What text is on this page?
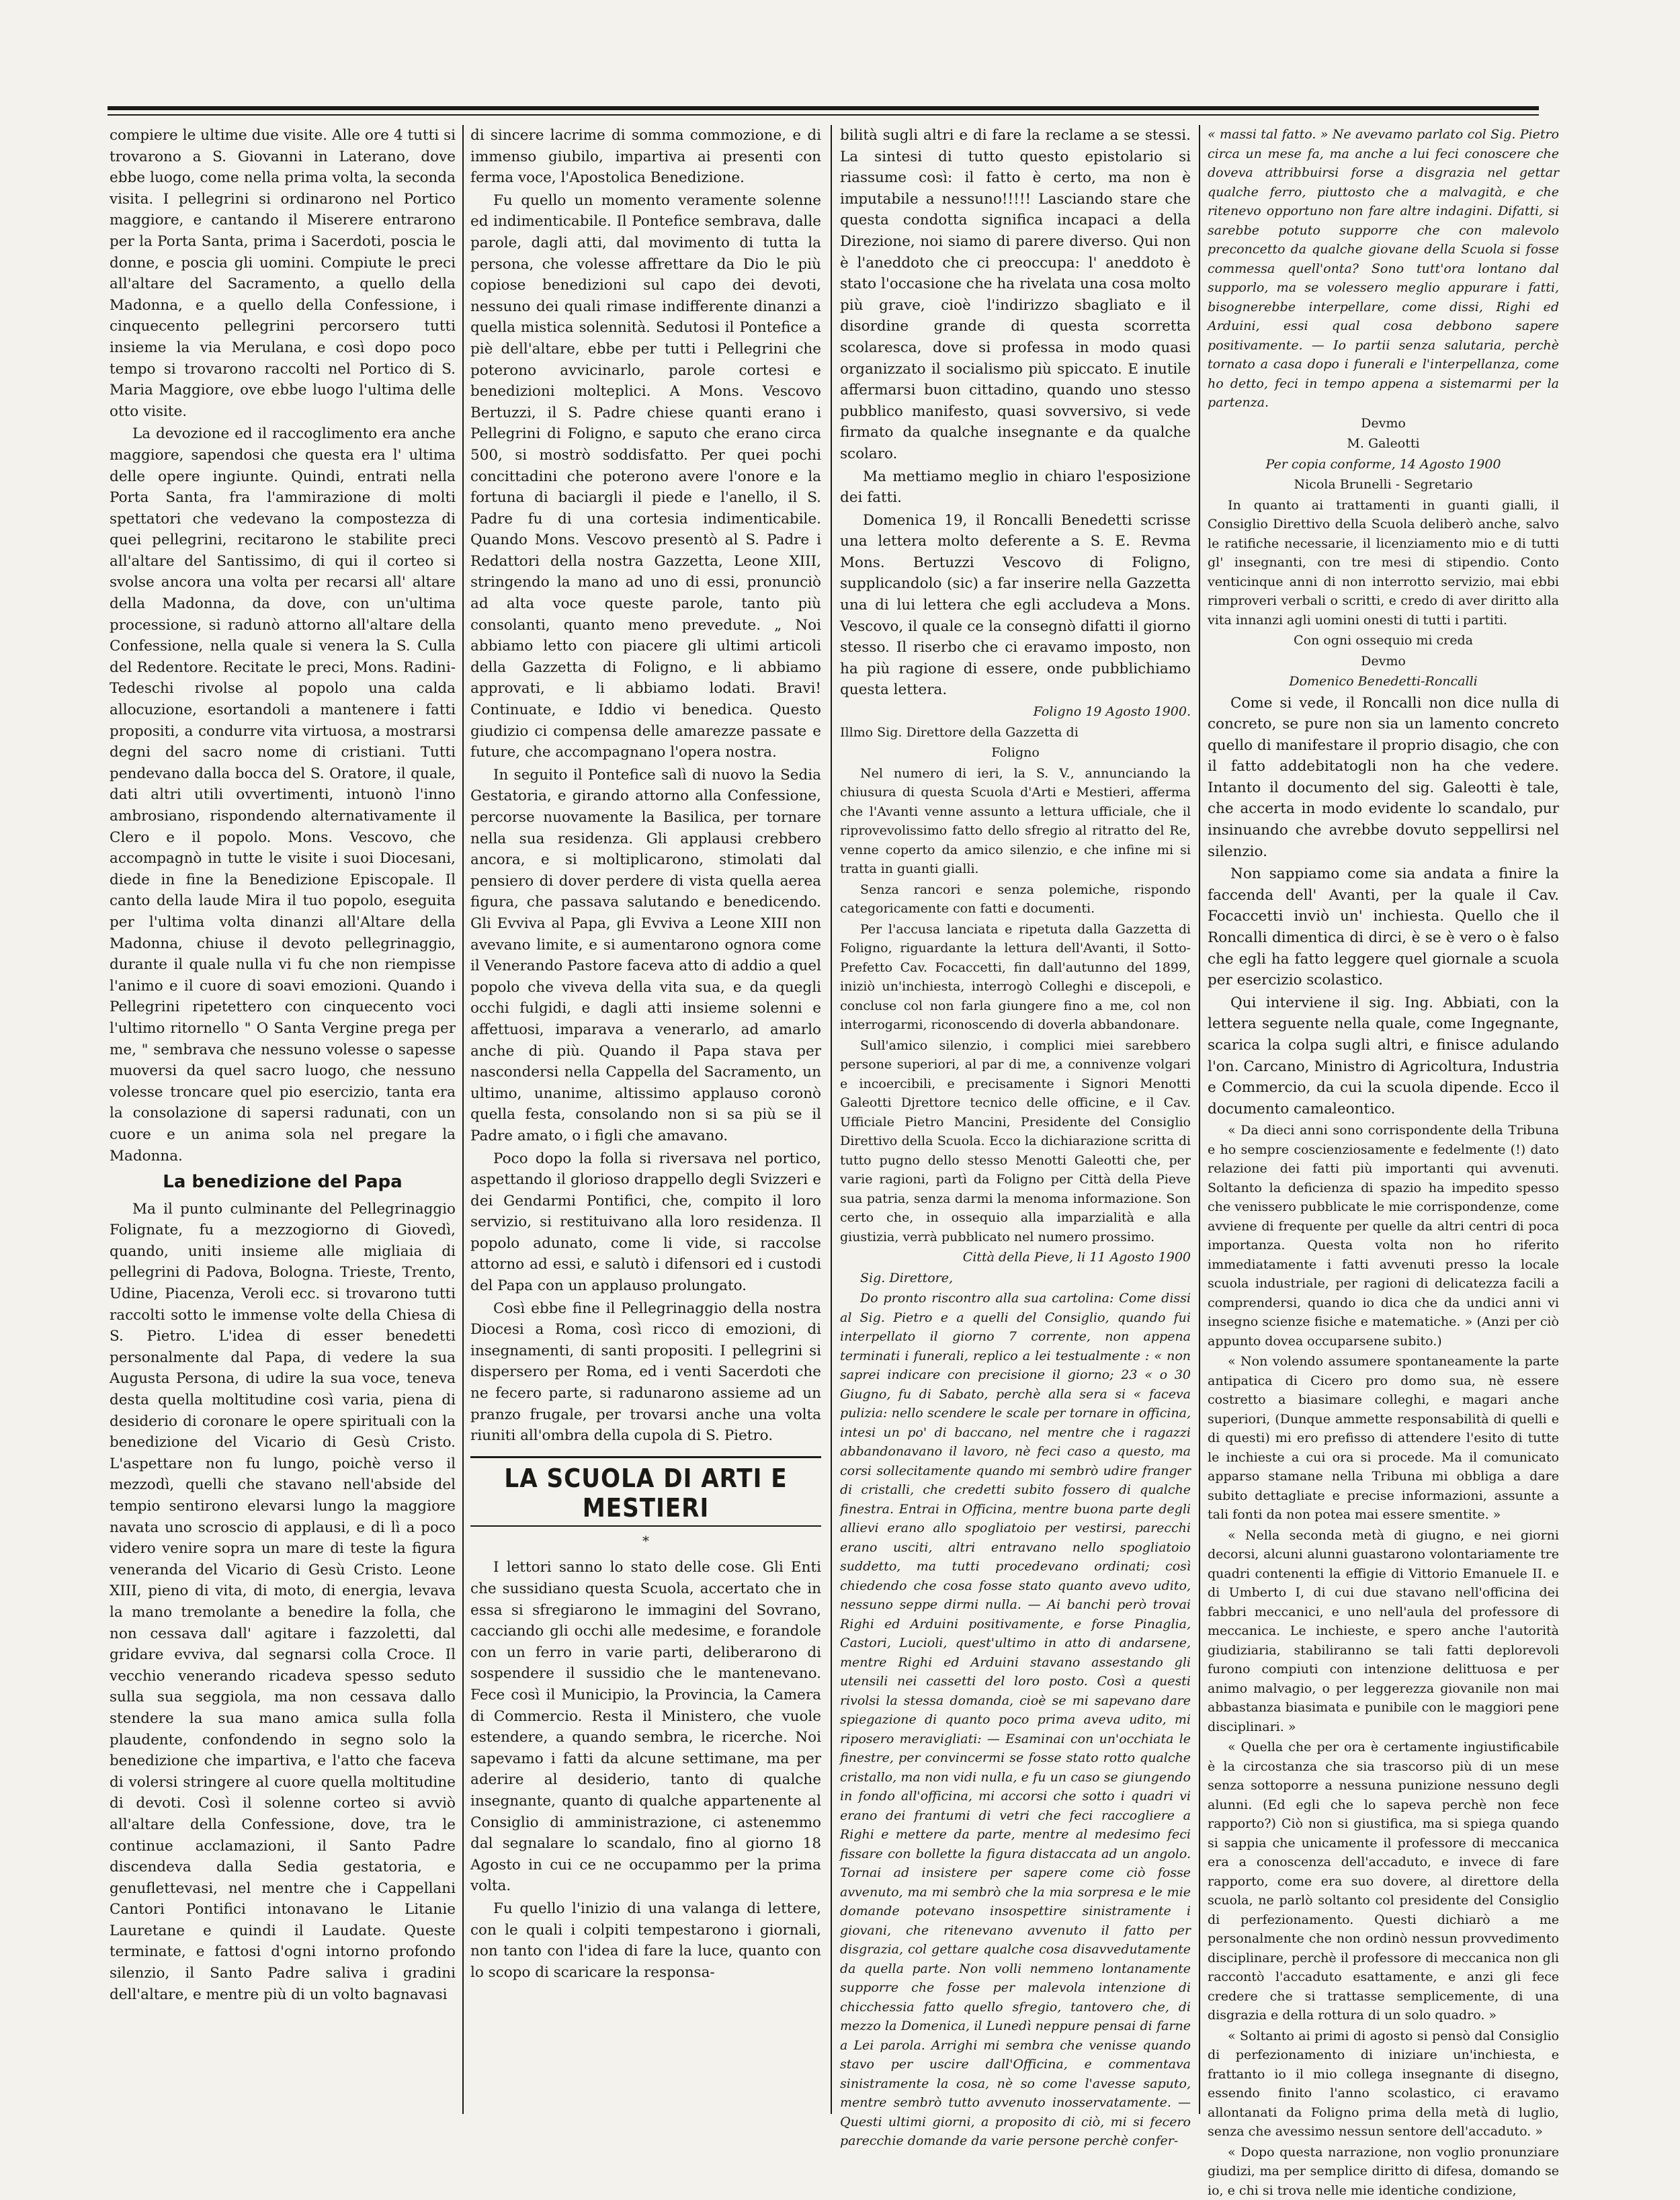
compiere le ultime due visite. Alle ore 4 tutti si trovarono a S. Giovanni in Laterano, dove ebbe luogo, come nella prima volta, la seconda visita. I pellegrini si ordinarono nel Portico maggiore, e cantando il Miserere entrarono per la Porta Santa, prima i Sacerdoti, poscia le donne, e poscia gli uomini. Compiute le preci all'altare del Sacramento, a quello della Madonna, e a quello della Confessione, i cinquecento pellegrini percorsero tutti insieme la via Merulana, e così dopo poco tempo si trovarono raccolti nel Portico di S. Maria Maggiore, ove ebbe luogo l'ultima delle otto visite.

La devozione ed il raccoglimento era anche maggiore, sapendosi che questa era l' ultima delle opere ingiunte. Quindi, entrati nella Porta Santa, fra l'ammirazione di molti spettatori che vedevano la compostezza di quei pellegrini, recitarono le stabilite preci all'altare del Santissimo, di qui il corteo si svolse ancora una volta per recarsi all' altare della Madonna, da dove, con un'ultima processione, si radunò attorno all'altare della Confessione, nella quale si venera la S. Culla del Redentore. Recitate le preci, Mons. Radini-Tedeschi rivolse al popolo una calda allocuzione, esortandoli a mantenere i fatti propositi, a condurre vita virtuosa, a mostrarsi degni del sacro nome di cristiani. Tutti pendevano dalla bocca del S. Oratore, il quale, dati altri utili ovvertimenti, intuonò l'inno ambrosiano, rispondendo alternativamente il Clero e il popolo. Mons. Vescovo, che accompagnò in tutte le visite i suoi Diocesani, diede in fine la Benedizione Episcopale. Il canto della laude Mira il tuo popolo, eseguita per l'ultima volta dinanzi all'Altare della Madonna, chiuse il devoto pellegrinaggio, durante il quale nulla vi fu che non riempisse l'animo e il cuore di soavi emozioni. Quando i Pellegrini ripetettero con cinquecento voci l'ultimo ritornello " O Santa Vergine prega per me, " sembrava che nessuno volesse o sapesse muoversi da quel sacro luogo, che nessuno volesse troncare quel pio esercizio, tanta era la consolazione di sapersi radunati, con un cuore e un anima sola nel pregare la Madonna.

La benedizione del Papa

Ma il punto culminante del Pellegrinaggio Folignate, fu a mezzogiorno di Giovedì, quando, uniti insieme alle migliaia di pellegrini di Padova, Bologna. Trieste, Trento, Udine, Piacenza, Veroli ecc. si trovarono tutti raccolti sotto le immense volte della Chiesa di S. Pietro. L'idea di esser benedetti personalmente dal Papa, di vedere la sua Augusta Persona, di udire la sua voce, teneva desta quella moltitudine così varia, piena di desiderio di coronare le opere spirituali con la benedizione del Vicario di Gesù Cristo. L'aspettare non fu lungo, poichè verso il mezzodì, quelli che stavano nell'abside del tempio sentirono elevarsi lungo la maggiore navata uno scroscio di applausi, e di lì a poco videro venire sopra un mare di teste la figura veneranda del Vicario di Gesù Cristo. Leone XIII, pieno di vita, di moto, di energia, levava la mano tremolante a benedire la folla, che non cessava dall' agitare i fazzoletti, dal gridare evviva, dal segnarsi colla Croce. Il vecchio venerando ricadeva spesso seduto sulla sua seggiola, ma non cessava dallo stendere la sua mano amica sulla folla plaudente, confondendo in segno solo la benedizione che impartiva, e l'atto che faceva di volersi stringere al cuore quella moltitudine di devoti. Così il solenne corteo si avviò all'altare della Confessione, dove, tra le continue acclamazioni, il Santo Padre discendeva dalla Sedia gestatoria, e genuflettevasi, nel mentre che i Cappellani Cantori Pontifici intonavano le Litanie Lauretane e quindi il Laudate. Queste terminate, e fattosi d'ogni intorno profondo silenzio, il Santo Padre saliva i gradini dell'altare, e mentre più di un volto bagnavasi

di sincere lacrime di somma commozione, e di immenso giubilo, impartiva ai presenti con ferma voce, l'Apostolica Benedizione.

Fu quello un momento veramente solenne ed indimenticabile. Il Pontefice sembrava, dalle parole, dagli atti, dal movimento di tutta la persona, che volesse affrettare da Dio le più copiose benedizioni sul capo dei devoti, nessuno dei quali rimase indifferente dinanzi a quella mistica solennità. Sedutosi il Pontefice a piè dell'altare, ebbe per tutti i Pellegrini che poterono avvicinarlo, parole cortesi e benedizioni molteplici. A Mons. Vescovo Bertuzzi, il S. Padre chiese quanti erano i Pellegrini di Foligno, e saputo che erano circa 500, si mostrò soddisfatto. Per quei pochi concittadini che poterono avere l'onore e la fortuna di baciargli il piede e l'anello, il S. Padre fu di una cortesia indimenticabile. Quando Mons. Vescovo presentò al S. Padre i Redattori della nostra Gazzetta, Leone XIII, stringendo la mano ad uno di essi, pronunciò ad alta voce queste parole, tanto più consolanti, quanto meno prevedute. „ Noi abbiamo letto con piacere gli ultimi articoli della Gazzetta di Foligno, e li abbiamo approvati, e li abbiamo lodati. Bravi! Continuate, e Iddio vi benedica. Questo giudizio ci compensa delle amarezze passate e future, che accompagnano l'opera nostra.

In seguito il Pontefice salì di nuovo la Sedia Gestatoria, e girando attorno alla Confessione, percorse nuovamente la Basilica, per tornare nella sua residenza. Gli applausi crebbero ancora, e si moltiplicarono, stimolati dal pensiero di dover perdere di vista quella aerea figura, che passava salutando e benedicendo. Gli Evviva al Papa, gli Evviva a Leone XIII non avevano limite, e si aumentarono ognora come il Venerando Pastore faceva atto di addio a quel popolo che viveva della vita sua, e da quegli occhi fulgidi, e dagli atti insieme solenni e affettuosi, imparava a venerarlo, ad amarlo anche di più. Quando il Papa stava per nascondersi nella Cappella del Sacramento, un ultimo, unanime, altissimo applauso coronò quella festa, consolando non si sa più se il Padre amato, o i figli che amavano.

Poco dopo la folla si riversava nel portico, aspettando il glorioso drappello degli Svizzeri e dei Gendarmi Pontifici, che, compito il loro servizio, si restituivano alla loro residenza. Il popolo adunato, come li vide, si raccolse attorno ad essi, e salutò i difensori ed i custodi del Papa con un applauso prolungato.

Così ebbe fine il Pellegrinaggio della nostra Diocesi a Roma, così ricco di emozioni, di insegnamenti, di santi propositi. I pellegrini si dispersero per Roma, ed i venti Sacerdoti che ne fecero parte, si radunarono assieme ad un pranzo frugale, per trovarsi anche una volta riuniti all'ombra della cupola di S. Pietro.

LA SCUOLA DI ARTI E MESTIERI
*

I lettori sanno lo stato delle cose. Gli Enti che sussidiano questa Scuola, accertato che in essa si sfregiarono le immagini del Sovrano, cacciando gli occhi alle medesime, e forandole con un ferro in varie parti, deliberarono di sospendere il sussidio che le mantenevano. Fece così il Municipio, la Provincia, la Camera di Commercio. Resta il Ministero, che vuole estendere, a quando sembra, le ricerche. Noi sapevamo i fatti da alcune settimane, ma per aderire al desiderio, tanto di qualche insegnante, quanto di qualche appartenente al Consiglio di amministrazione, ci astenemmo dal segnalare lo scandalo, fino al giorno 18 Agosto in cui ce ne occupammo per la prima volta.

Fu quello l'inizio di una valanga di lettere, con le quali i colpiti tempestarono i giornali, non tanto con l'idea di fare la luce, quanto con lo scopo di scaricare la responsa-

bilità sugli altri e di fare la reclame a se stessi. La sintesi di tutto questo epistolario si riassume così: il fatto è certo, ma non è imputabile a nessuno!!!!! Lasciando stare che questa condotta significa incapaci a della Direzione, noi siamo di parere diverso. Qui non è l'aneddoto che ci preoccupa: l' aneddoto è stato l'occasione che ha rivelata una cosa molto più grave, cioè l'indirizzo sbagliato e il disordine grande di questa scorretta scolaresca, dove si professa in modo quasi organizzato il socialismo più spiccato. E inutile affermarsi buon cittadino, quando uno stesso pubblico manifesto, quasi sovversivo, si vede firmato da qualche insegnante e da qualche scolaro.

Ma mettiamo meglio in chiaro l'esposizione dei fatti.

Domenica 19, il Roncalli Benedetti scrisse una lettera molto deferente a S. E. Revma Mons. Bertuzzi Vescovo di Foligno, supplicandolo (sic) a far inserire nella Gazzetta una di lui lettera che egli accludeva a Mons. Vescovo, il quale ce la consegnò difatti il giorno stesso. Il riserbo che ci eravamo imposto, non ha più ragione di essere, onde pubblichiamo questa lettera.

Foligno 19 Agosto 1900.

Illmo Sig. Direttore della Gazzetta di

Foligno

Nel numero di ieri, la S. V., annunciando la chiusura di questa Scuola d'Arti e Mestieri, afferma che l'Avanti venne assunto a lettura ufficiale, che il riprovevolissimo fatto dello sfregio al ritratto del Re, venne coperto da amico silenzio, e che infine mi si tratta in guanti gialli.

Senza rancori e senza polemiche, rispondo categoricamente con fatti e documenti.

Per l'accusa lanciata e ripetuta dalla Gazzetta di Foligno, riguardante la lettura dell'Avanti, il Sotto-Prefetto Cav. Focaccetti, fin dall'autunno del 1899, iniziò un'inchiesta, interrogò Colleghi e discepoli, e concluse col non farla giungere fino a me, col non interrogarmi, riconoscendo di doverla abbandonare.

Sull'amico silenzio, i complici miei sarebbero persone superiori, al par di me, a connivenze volgari e incoercibili, e precisamente i Signori Menotti Galeotti Djrettore tecnico delle officine, e il Cav. Ufficiale Pietro Mancini, Presidente del Consiglio Direttivo della Scuola. Ecco la dichiarazione scritta di tutto pugno dello stesso Menotti Galeotti che, per varie ragioni, partì da Foligno per Città della Pieve sua patria, senza darmi la menoma informazione. Son certo che, in ossequio alla imparzialità e alla giustizia, verrà pubblicato nel numero prossimo.

Città della Pieve, li 11 Agosto 1900

Sig. Direttore,

Do pronto riscontro alla sua cartolina: Come dissi al Sig. Pietro e a quelli del Consiglio, quando fui interpellato il giorno 7 corrente, non appena terminati i funerali, replico a lei testualmente : « non saprei indicare con precisione il giorno; 23 « o 30 Giugno, fu di Sabato, perchè alla sera si « faceva pulizia: nello scendere le scale per tornare in officina, intesi un po' di baccano, nel mentre che i ragazzi abbandonavano il lavoro, nè feci caso a questo, ma corsi sollecitamente quando mi sembrò udire franger di cristalli, che credetti subito fossero di qualche finestra. Entrai in Officina, mentre buona parte degli allievi erano allo spogliatoio per vestirsi, parecchi erano usciti, altri entravano nello spogliatoio suddetto, ma tutti procedevano ordinati; così chiedendo che cosa fosse stato quanto avevo udito, nessuno seppe dirmi nulla. — Ai banchi però trovai Righi ed Arduini positivamente, e forse Pinaglia, Castori, Lucioli, quest'ultimo in atto di andarsene, mentre Righi ed Arduini stavano assestando gli utensili nei cassetti del loro posto. Così a questi rivolsi la stessa domanda, cioè se mi sapevano dare spiegazione di quanto poco prima aveva udito, mi riposero meravigliati: — Esaminai con un'occhiata le finestre, per convincermi se fosse stato rotto qualche cristallo, ma non vidi nulla, e fu un caso se giungendo in fondo all'officina, mi accorsi che sotto i quadri vi erano dei frantumi di vetri che feci raccogliere a Righi e mettere da parte, mentre al medesimo feci fissare con bollette la figura distaccata ad un angolo. Tornai ad insistere per sapere come ciò fosse avvenuto, ma mi sembrò che la mia sorpresa e le mie domande potevano insospettire sinistramente i giovani, che ritenevano avvenuto il fatto per disgrazia, col gettare qualche cosa disavvedutamente da quella parte. Non volli nemmeno lontanamente supporre che fosse per malevola intenzione di chicchessia fatto quello sfregio, tantovero che, di mezzo la Domenica, il Lunedì neppure pensai di farne a Lei parola. Arrighi mi sembra che venisse quando stavo per uscire dall'Officina, e commentava sinistramente la cosa, nè so come l'avesse saputo, mentre sembrò tutto avvenuto inosservatamente. — Questi ultimi giorni, a proposito di ciò, mi si fecero parecchie domande da varie persone perchè confer-

« massi tal fatto. » Ne avevamo parlato col Sig. Pietro circa un mese fa, ma anche a lui feci conoscere che doveva attribbuirsi forse a disgrazia nel gettar qualche ferro, piuttosto che a malvagità, e che ritenevo opportuno non fare altre indagini. Difatti, si sarebbe potuto supporre che con malevolo preconcetto da qualche giovane della Scuola si fosse commessa quell'onta? Sono tutt'ora lontano dal supporlo, ma se volessero meglio appurare i fatti, bisognerebbe interpellare, come dissi, Righi ed Arduini, essi qual cosa debbono sapere positivamente. — Io partii senza salutaria, perchè tornato a casa dopo i funerali e l'interpellanza, come ho detto, feci in tempo appena a sistemarmi per la partenza.

Devmo

M. Galeotti

Per copia conforme, 14 Agosto 1900

Nicola Brunelli - Segretario

In quanto ai trattamenti in guanti gialli, il Consiglio Direttivo della Scuola deliberò anche, salvo le ratifiche necessarie, il licenziamento mio e di tutti gl' insegnanti, con tre mesi di stipendio. Conto venticinque anni di non interrotto servizio, mai ebbi rimproveri verbali o scritti, e credo di aver diritto alla vita innanzi agli uomini onesti di tutti i partiti.

Con ogni ossequio mi creda

Devmo

Domenico Benedetti-Roncalli

Come si vede, il Roncalli non dice nulla di concreto, se pure non sia un lamento concreto quello di manifestare il proprio disagio, che con il fatto addebitatogli non ha che vedere. Intanto il documento del sig. Galeotti è tale, che accerta in modo evidente lo scandalo, pur insinuando che avrebbe dovuto seppellirsi nel silenzio.

Non sappiamo come sia andata a finire la faccenda dell' Avanti, per la quale il Cav. Focaccetti inviò un' inchiesta. Quello che il Roncalli dimentica di dirci, è se è vero o è falso che egli ha fatto leggere quel giornale a scuola per esercizio scolastico.

Qui interviene il sig. Ing. Abbiati, con la lettera seguente nella quale, come Ingegnante, scarica la colpa sugli altri, e finisce adulando l'on. Carcano, Ministro di Agricoltura, Industria e Commercio, da cui la scuola dipende. Ecco il documento camaleontico.

« Da dieci anni sono corrispondente della Tribuna e ho sempre coscienziosamente e fedelmente (!) dato relazione dei fatti più importanti qui avvenuti. Soltanto la deficienza di spazio ha impedito spesso che venissero pubblicate le mie corrispondenze, come avviene di frequente per quelle da altri centri di poca importanza. Questa volta non ho riferito immediatamente i fatti avvenuti presso la locale scuola industriale, per ragioni di delicatezza facili a comprendersi, quando io dica che da undici anni vi insegno scienze fisiche e matematiche. » (Anzi per ciò appunto dovea occuparsene subito.)

« Non volendo assumere spontaneamente la parte antipatica di Cicero pro domo sua, nè essere costretto a biasimare colleghi, e magari anche superiori, (Dunque ammette responsabilità di quelli e di questi) mi ero prefisso di attendere l'esito di tutte le inchieste a cui ora si procede. Ma il comunicato apparso stamane nella Tribuna mi obbliga a dare subito dettagliate e precise informazioni, assunte a tali fonti da non potea mai essere smentite. »

« Nella seconda metà di giugno, e nei giorni decorsi, alcuni alunni guastarono volontariamente tre quadri contenenti la effigie di Vittorio Emanuele II. e di Umberto I, di cui due stavano nell'officina dei fabbri meccanici, e uno nell'aula del professore di meccanica. Le inchieste, e spero anche l'autorità giudiziaria, stabiliranno se tali fatti deplorevoli furono compiuti con intenzione delittuosa e per animo malvagio, o per leggerezza giovanile non mai abbastanza biasimata e punibile con le maggiori pene disciplinari. »

« Quella che per ora è certamente ingiustificabile è la circostanza che sia trascorso più di un mese senza sottoporre a nessuna punizione nessuno degli alunni. (Ed egli che lo sapeva perchè non fece rapporto?) Ciò non si giustifica, ma si spiega quando si sappia che unicamente il professore di meccanica era a conoscenza dell'accaduto, e invece di fare rapporto, come era suo dovere, al direttore della scuola, ne parlò soltanto col presidente del Consiglio di perfezionamento. Questi dichiarò a me personalmente che non ordinò nessun provvedimento disciplinare, perchè il professore di meccanica non gli raccontò l'accaduto esattamente, e anzi gli fece credere che si trattasse semplicemente, di una disgrazia e della rottura di un solo quadro. »

« Soltanto ai primi di agosto si pensò dal Consiglio di perfezionamento di iniziare un'inchiesta, e frattanto io il mio collega insegnante di disegno, essendo finito l'anno scolastico, ci eravamo allontanati da Foligno prima della metà di luglio, senza che avessimo nessun sentore dell'accaduto. »

« Dopo questa narrazione, non voglio pronunziare giudizi, ma per semplice diritto di difesa, domando se io, e chi si trova nelle mie identiche condizione,
